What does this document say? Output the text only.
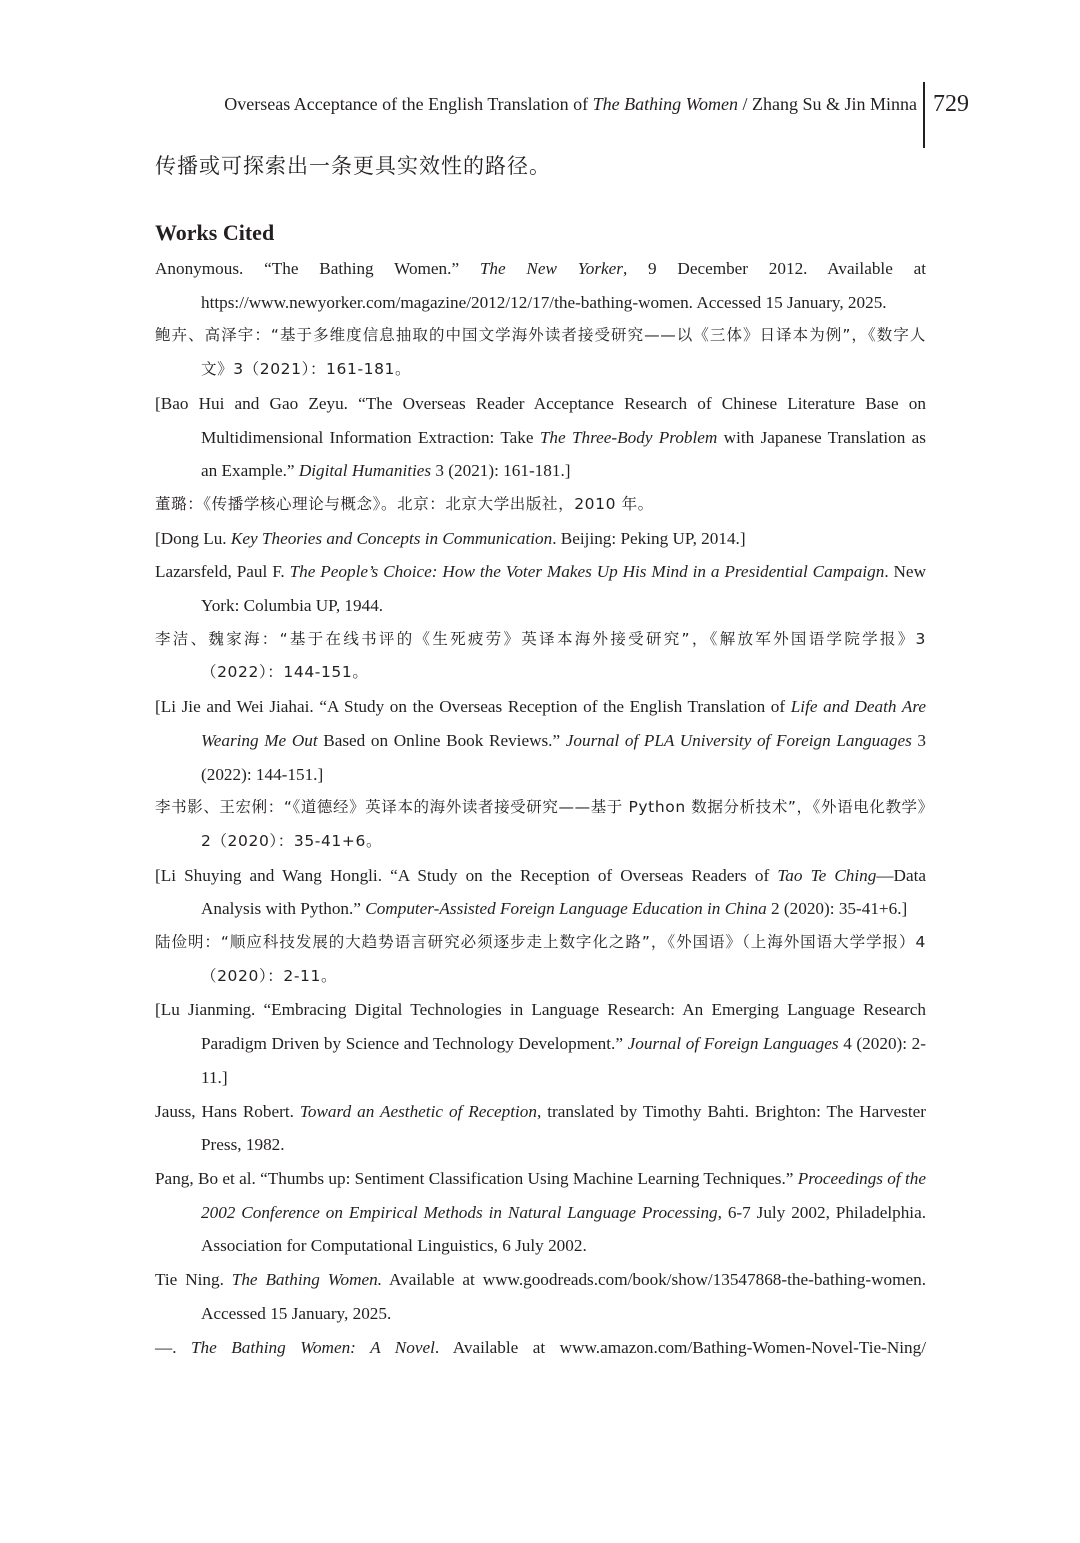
Overseas Acceptance of the English Translation of The Bathing Women / Zhang Su & Jin Minna 729
传播或可探索出一条更具实效性的路径。
Works Cited

Anonymous. “The Bathing Women.” The New Yorker, 9 December 2012. Available at https://www.newyorker.com/magazine/2012/12/17/the-bathing-women. Accessed 15 January, 2025.

鲍卉、高泽宇：“基于多维度信息抽取的中国文学海外读者接受研究——以《三体》日译本为例”，《数字人文》3（2021）：161-181。

[Bao Hui and Gao Zeyu. “The Overseas Reader Acceptance Research of Chinese Literature Base on Multidimensional Information Extraction: Take The Three-Body Problem with Japanese Translation as an Example.” Digital Humanities 3 (2021): 161-181.]

董璐：《传播学核心理论与概念》。北京：北京大学出版社，2010 年。

[Dong Lu. Key Theories and Concepts in Communication. Beijing: Peking UP, 2014.]

Lazarsfeld, Paul F. The People’s Choice: How the Voter Makes Up His Mind in a Presidential Campaign. New York: Columbia UP, 1944.

李洁、魏家海：“基于在线书评的《生死疲劳》英译本海外接受研究”，《解放军外国语学院学报》3（2022）：144-151。

[Li Jie and Wei Jiahai. “A Study on the Overseas Reception of the English Translation of Life and Death Are Wearing Me Out Based on Online Book Reviews.” Journal of PLA University of Foreign Languages 3 (2022): 144-151.]

李书影、王宏俐：“《道德经》英译本的海外读者接受研究——基于 Python 数据分析技术”，《外语电化教学》2（2020）：35-41+6。

[Li Shuying and Wang Hongli. “A Study on the Reception of Overseas Readers of Tao Te Ching—Data Analysis with Python.” Computer-Assisted Foreign Language Education in China 2 (2020): 35-41+6.]

陆俭明：“顺应科技发展的大趋势语言研究必须逐步走上数字化之路”，《外国语》（上海外国语大学学报）4（2020）：2-11。

[Lu Jianming. “Embracing Digital Technologies in Language Research: An Emerging Language Research Paradigm Driven by Science and Technology Development.” Journal of Foreign Languages 4 (2020): 2-11.]

Jauss, Hans Robert. Toward an Aesthetic of Reception, translated by Timothy Bahti. Brighton: The Harvester Press, 1982.

Pang, Bo et al. “Thumbs up: Sentiment Classification Using Machine Learning Techniques.” Proceedings of the 2002 Conference on Empirical Methods in Natural Language Processing, 6-7 July 2002, Philadelphia. Association for Computational Linguistics, 6 July 2002.

Tie Ning. The Bathing Women. Available at www.goodreads.com/book/show/13547868-the-bathing-women. Accessed 15 January, 2025.

—. The Bathing Women: A Novel. Available at www.amazon.com/Bathing-Women-Novel-Tie-Ning/
